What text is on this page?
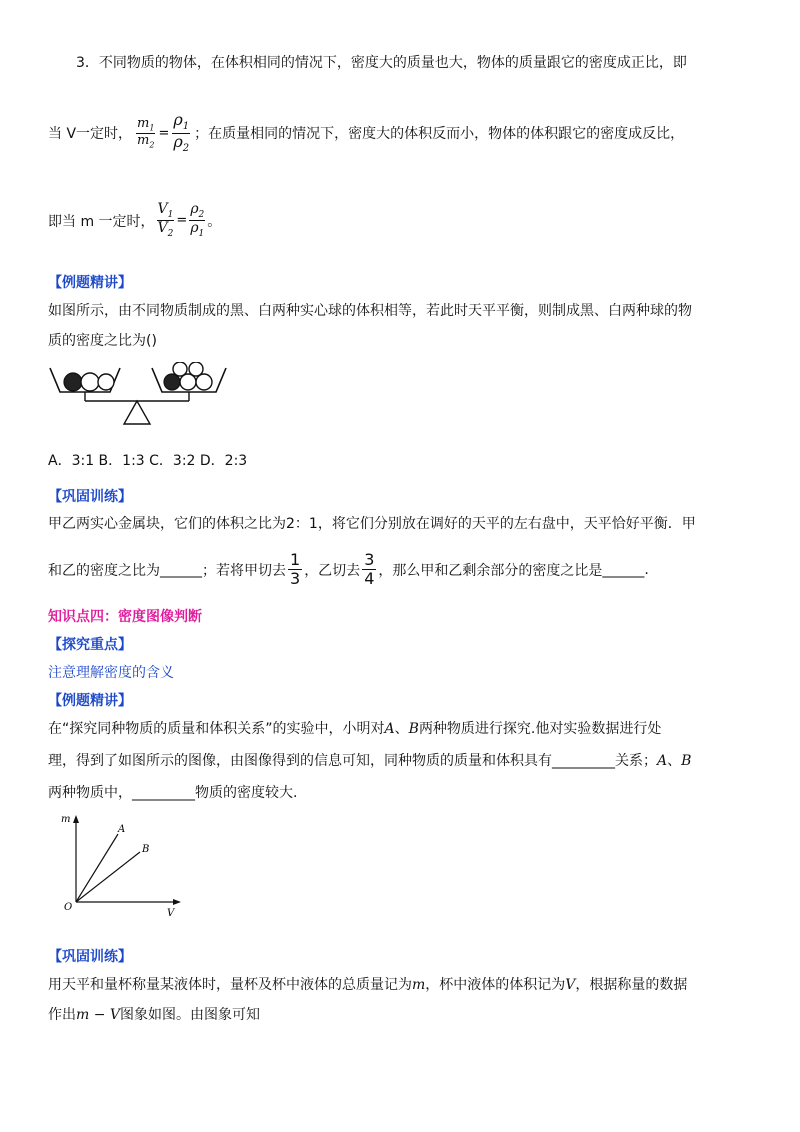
3．不同物质的物体，在体积相同的情况下，密度大的质量也大，物体的质量跟它的密度成正比，即
当 V一定时， $\frac{m_1}{m_2} = \frac{\rho_1}{\rho_2}$ ；在质量相同的情况下，密度大的体积反而小，物体的体积跟它的密度成反比，
即当 m 一定时， $\frac{V_1}{V_2} = \frac{\rho_2}{\rho_1}$ 。
【例题精讲】
如图所示，由不同物质制成的黑、白两种实心球的体积相等，若此时天平平衡，则制成黑、白两种球的物
质的密度之比为()
A．3:1 B．1:3 C．3:2 D．2:3
【巩固训练】
甲乙两实心金属块，它们的体积之比为2：1，将它们分别放在调好的天平的左右盘中，天平恰好平衡．甲
和乙的密度之比为 ______ ；若将甲切去 $\frac{1}{3}$ ，乙切去 $\frac{3}{4}$ ，那么甲和乙剩余部分的密度之比是 ______ .
知识点四：密度图像判断
【探究重点】
注意理解密度的含义
【例题精讲】
在“探究同种物质的质量和体积关系”的实验中，小明对A、B两种物质进行探究.他对实验数据进行处
理，得到了如图所示的图像，由图像得到的信息可知，同种物质的质量和体积具有_________关系；A、B
两种物质中，_________物质的密度较大.
m
O
V
A
B
【巩固训练】
用天平和量杯称量某液体时，量杯及杯中液体的总质量记为m，杯中液体的体积记为V，根据称量的数据
作出m − V图象如图。由图象可知
